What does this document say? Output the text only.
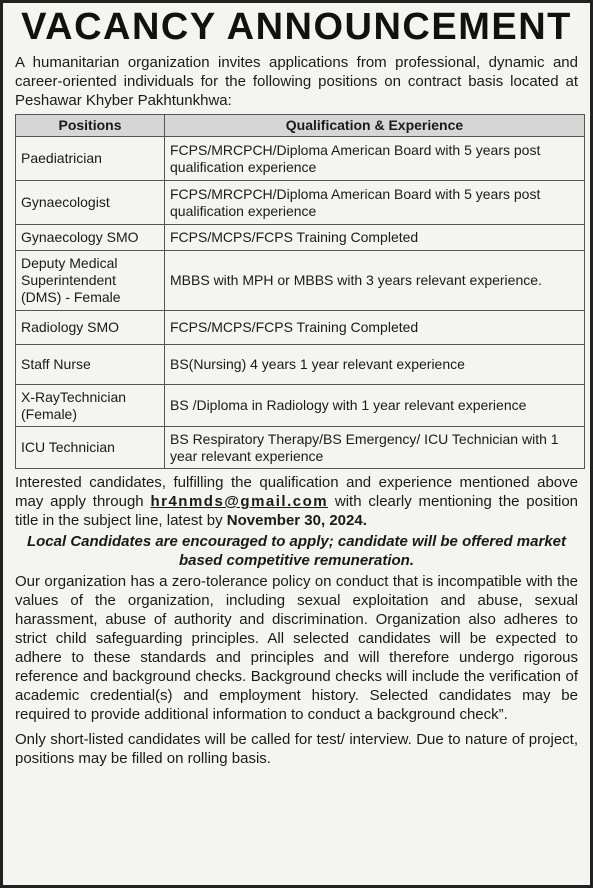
VACANCY ANNOUNCEMENT

A humanitarian organization invites applications from professional, dynamic and career-oriented individuals for the following positions on contract basis located at Peshawar Khyber Pakhtunkhwa:

Positions	Qualification & Experience
Paediatrician	FCPS/MRCPCH/Diploma American Board with 5 years post qualification experience
Gynaecologist	FCPS/MRCPCH/Diploma American Board with 5 years post qualification experience
Gynaecology SMO	FCPS/MCPS/FCPS Training Completed
Deputy Medical Superintendent (DMS) - Female	MBBS with MPH or MBBS with 3 years relevant experience.
Radiology SMO	FCPS/MCPS/FCPS Training Completed
Staff Nurse	BS(Nursing) 4 years 1 year relevant experience
X-RayTechnician (Female)	BS /Diploma in Radiology with 1 year relevant experience
ICU Technician	BS Respiratory Therapy/BS Emergency/ ICU Technician with 1 year relevant experience

Interested candidates, fulfilling the qualification and experience mentioned above may apply through hr4nmds@gmail.com with clearly mentioning the position title in the subject line, latest by November 30, 2024.

Local Candidates are encouraged to apply; candidate will be offered market based competitive remuneration.

Our organization has a zero-tolerance policy on conduct that is incompatible with the values of the organization, including sexual exploitation and abuse, sexual harassment, abuse of authority and discrimination. Organization also adheres to strict child safeguarding principles. All selected candidates will be expected to adhere to these standards and principles and will therefore undergo rigorous reference and background checks. Background checks will include the verification of academic credential(s) and employment history. Selected candidates may be required to provide additional information to conduct a background check”.

Only short-listed candidates will be called for test/ interview. Due to nature of project, positions may be filled on rolling basis.
